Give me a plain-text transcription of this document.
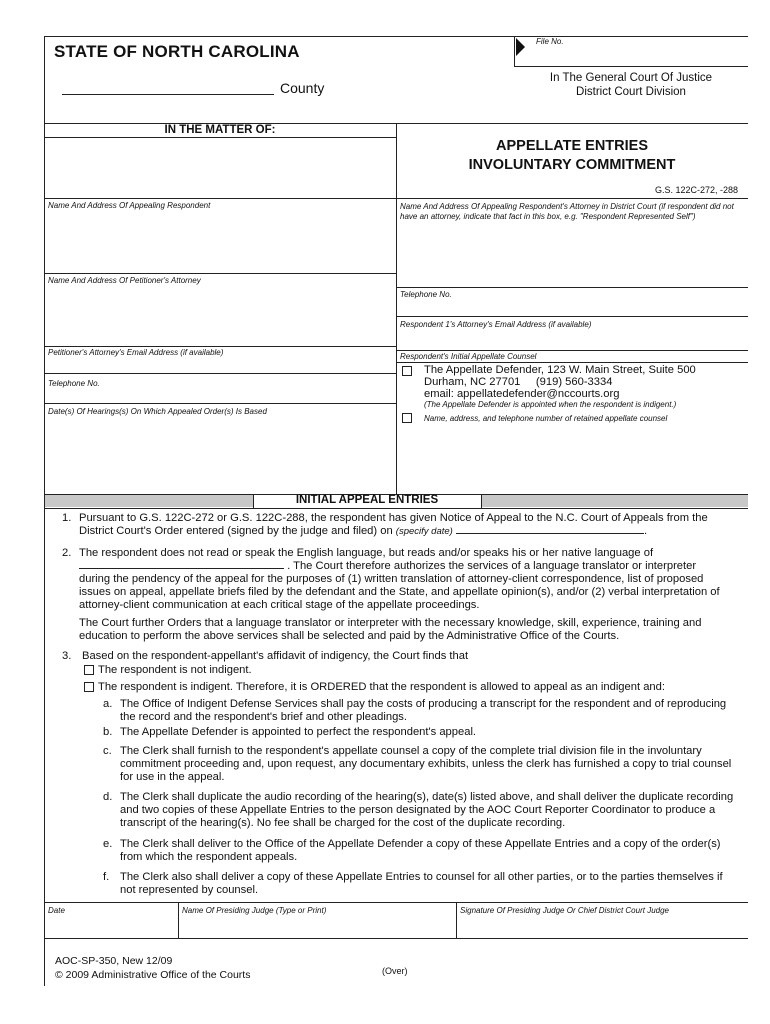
File No.
STATE OF NORTH CAROLINA
County
In The General Court Of Justice
District Court Division
IN THE MATTER OF:
APPELLATE ENTRIES
INVOLUNTARY COMMITMENT
G.S. 122C-272, -288
Name And Address Of Appealing Respondent
Name And Address Of Petitioner's Attorney
Petitioner's Attorney's Email Address (if available)
Telephone No.
Date(s) Of Hearings(s) On Which Appealed Order(s) Is Based
Name And Address Of Appealing Respondent's Attorney in District Court (if respondent did not have an attorney, indicate that fact in this box, e.g. "Respondent Represented Self")
Telephone No.
Respondent 1's Attorney's Email Address (if available)
Respondent's Initial Appellate Counsel
The Appellate Defender, 123 W. Main Street, Suite 500
Durham, NC 27701     (919) 560-3334
email: appellatedefender@nccourts.org
(The Appellate Defender is appointed when the respondent is indigent.)
Name, address, and telephone number of retained appellate counsel
INITIAL APPEAL ENTRIES
1. Pursuant to G.S. 122C-272 or G.S. 122C-288, the respondent has given Notice of Appeal to the N.C. Court of Appeals from the
District Court's Order entered (signed by the judge and filed) on (specify date)	.
2. The respondent does not read or speak the English language, but reads and/or speaks his or her native language of
. The Court therefore authorizes the services of a language translator or interpreter
during the pendency of the appeal for the purposes of (1) written translation of attorney-client correspondence, list of proposed
issues on appeal, appellate briefs filed by the defendant and the State, and appellate opinion(s), and/or (2) verbal interpretation of
attorney-client communication at each critical stage of the appellate proceedings.
The Court further Orders that a language translator or interpreter with the necessary knowledge, skill, experience, training and
education to perform the above services shall be selected and paid by the Administrative Office of the Courts.
3. Based on the respondent-appellant's affidavit of indigency, the Court finds that
The respondent is not indigent.
The respondent is indigent. Therefore, it is ORDERED that the respondent is allowed to appeal as an indigent and:
a. The Office of Indigent Defense Services shall pay the costs of producing a transcript for the respondent and of reproducing
the record and the respondent's brief and other pleadings.
b. The Appellate Defender is appointed to perfect the respondent's appeal.
c. The Clerk shall furnish to the respondent's appellate counsel a copy of the complete trial division file in the involuntary
commitment proceeding and, upon request, any documentary exhibits, unless the clerk has furnished a copy to trial counsel
for use in the appeal.
d. The Clerk shall duplicate the audio recording of the hearing(s), date(s) listed above, and shall deliver the duplicate recording
and two copies of these Appellate Entries to the person designated by the AOC Court Reporter Coordinator to produce a
transcript of the hearing(s). No fee shall be charged for the cost of the duplicate recording.
e. The Clerk shall deliver to the Office of the Appellate Defender a copy of these Appellate Entries and a copy of the order(s)
from which the respondent appeals.
f. The Clerk also shall deliver a copy of these Appellate Entries to counsel for all other parties, or to the parties themselves if
not represented by counsel.
Date	Name Of Presiding Judge (Type or Print)	Signature Of Presiding Judge Or Chief District Court Judge
AOC-SP-350, New 12/09
© 2009 Administrative Office of the Courts	(Over)
